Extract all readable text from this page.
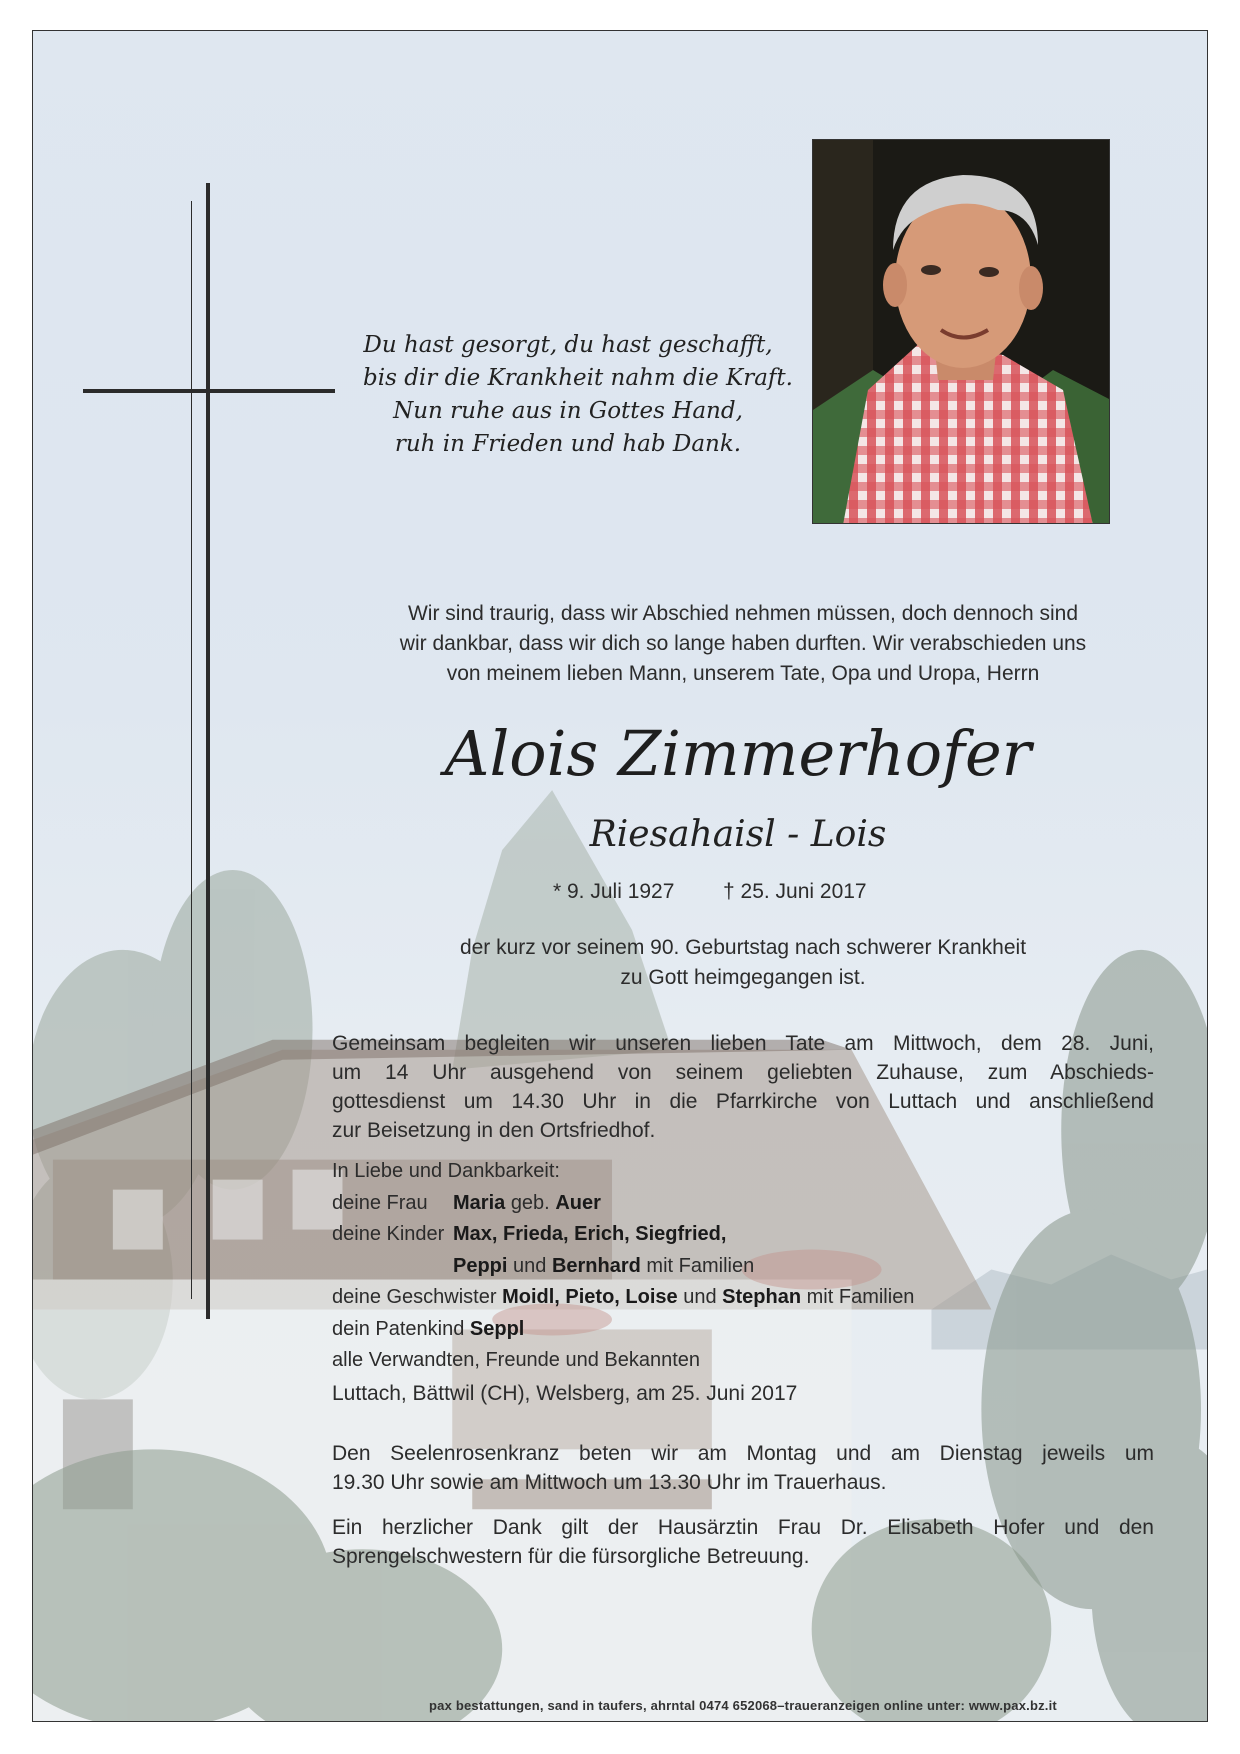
Du hast gesorgt, du hast geschafft,
bis dir die Krankheit nahm die Kraft.
Nun ruhe aus in Gottes Hand,
ruh in Frieden und hab Dank.
Wir sind traurig, dass wir Abschied nehmen müssen, doch dennoch sind
wir dankbar, dass wir dich so lange haben durften. Wir verabschieden uns
von meinem lieben Mann, unserem Tate, Opa und Uropa, Herrn
Alois Zimmerhofer
Riesahaisl - Lois
* 9. Juli 1927 † 25. Juni 2017
der kurz vor seinem 90. Geburtstag nach schwerer Krankheit
zu Gott heimgegangen ist.
Gemeinsam begleiten wir unseren lieben Tate am Mittwoch, dem 28. Juni,
um 14 Uhr ausgehend von seinem geliebten Zuhause, zum Abschieds-
gottesdienst um 14.30 Uhr in die Pfarrkirche von Luttach und anschließend
zur Beisetzung in den Ortsfriedhof.
In Liebe und Dankbarkeit:
deine Frau Maria geb. Auer
deine Kinder Max, Frieda, Erich, Siegfried,
Peppi und Bernhard mit Familien
deine Geschwister Moidl, Pieto, Loise und Stephan mit Familien
dein Patenkind Seppl
alle Verwandten, Freunde und Bekannten
Luttach, Bättwil (CH), Welsberg, am 25. Juni 2017
Den Seelenrosenkranz beten wir am Montag und am Dienstag jeweils um
19.30 Uhr sowie am Mittwoch um 13.30 Uhr im Trauerhaus.
Ein herzlicher Dank gilt der Hausärztin Frau Dr. Elisabeth Hofer und den
Sprengelschwestern für die fürsorgliche Betreuung.
pax bestattungen, sand in taufers, ahrntal 0474 652068–traueranzeigen online unter: www.pax.bz.it
